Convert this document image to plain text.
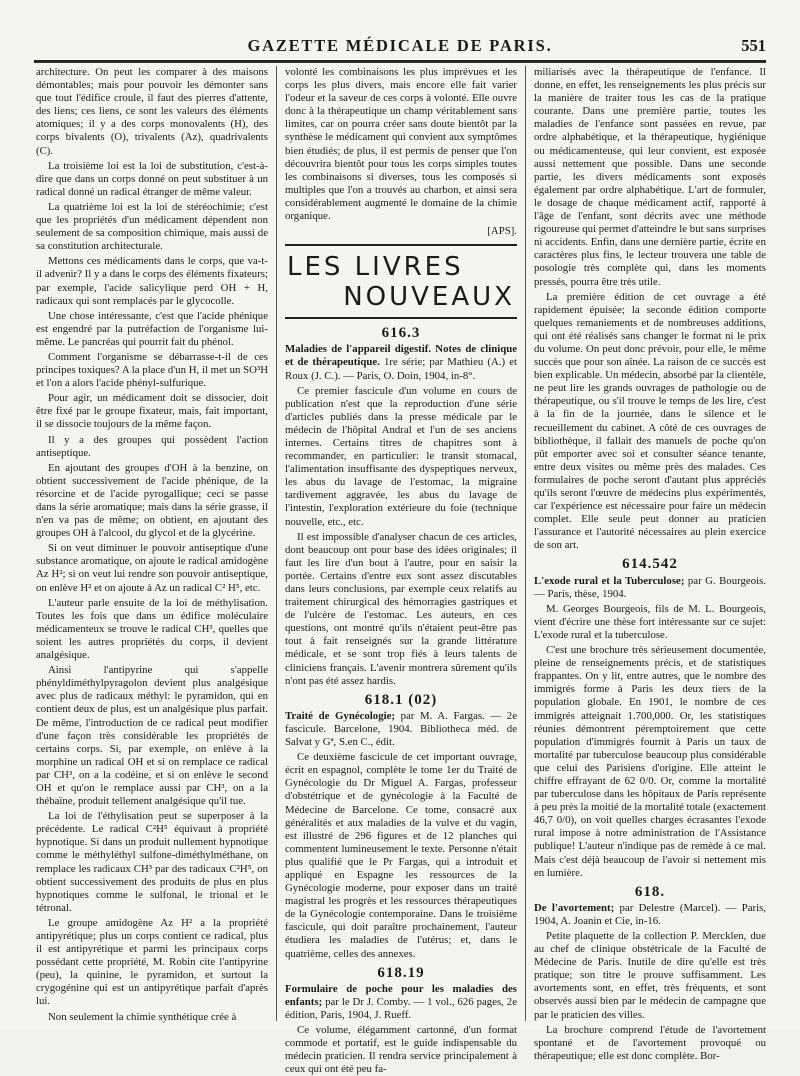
GAZETTE MÉDICALE DE PARIS.	551

architecture. On peut les comparer à des maisons démontables; mais pour pouvoir les démonter sans que tout l'édifice croule, il faut des pierres d'attente, des liens; ces liens, ce sont les valeurs des éléments atomiques; il y a des corps monovalents (H), des corps bivalents (O), trivalents (Az), quadrivalents (C).

La troisième loi est la loi de substitution, c'est-à-dire que dans un corps donné on peut substituer à un radical donné un radical étranger de même valeur.

La quatrième loi est la loi de stéréochimie; c'est que les propriétés d'un médicament dépendent non seulement de sa composition chimique, mais aussi de sa constitution architecturale.

Mettons ces médicaments dans le corps, que va-t-il advenir? Il y a dans le corps des éléments fixateurs; par exemple, l'acide salicylique perd OH + H, radicaux qui sont remplacés par le glycocolle.

Une chose intéressante, c'est que l'acide phénique est engendré par la putréfaction de l'organisme lui-même. Le pancréas qui pourrit fait du phénol.

Comment l'organisme se débarrasse-t-il de ces principes toxiques? A la place d'un H, il met un SO³H et l'on a alors l'acide phényl-sulfurique.

Pour agir, un médicament doit se dissocier, doit être fixé par le groupe fixateur, mais, fait important, il se dissocie toujours de la même façon.

Il y a des groupes qui possèdent l'action antiseptique.

En ajoutant des groupes d'OH à la benzine, on obtient successivement de l'acide phénique, de la résorcine et de l'acide pyrogallique; ceci se passe dans la série aromatique; mais dans la série grasse, il n'en va pas de même; on obtient, en ajoutant des groupes OH à l'alcool, du glycol et de la glycérine.

Si on veut diminuer le pouvoir antiseptique d'une substance aromatique, on ajoute le radical amidogène Az H²; si on veut lui rendre son pouvoir antiseptique, on enlève H² et on ajoute à Az un radical C² H⁵, etc.

L'auteur parle ensuite de la loi de méthylisation. Toutes les fois que dans un édifice moléculaire médicamenteux se trouve le radical CH³, quelles que soient les autres propriétés du corps, il devient analgésique.

Ainsi l'antipyrine qui s'appelle phényldiméthylpyragolon devient plus analgésique avec plus de radicaux méthyl: le pyramidon, qui en contient deux de plus, est un analgésique plus parfait. De même, l'introduction de ce radical peut modifier d'une façon très considérable les propriétés de certains corps. Si, par exemple, on enlève à la morphine un radical OH et si on remplace ce radical par CH³, on a la codéine, et si on enlève le second OH et qu'on le remplace aussi par CH³, on a la thébaïne, produit tellement analgésique qu'il tue.

La loi de l'éthylisation peut se superposer à la précédente. Le radical C²H⁵ équivaut à propriété hypnotique. Si dans un produit nullement hypnotique comme le méthyléthyl sulfone-diméthylméthane, on remplace les radicaux CH³ par des radicaux C²H⁵, on obtient successivement des produits de plus en plus hypnotiques comme le sulfonal, le trional et le tétronal.

Le groupe amidogène Az H² a la propriété antipyrétique; plus un corps contient ce radical, plus il est antipyrétique et parmi les principaux corps possédant cette propriété, M. Robin cite l'antipyrine (peu), la quinine, le pyramidon, et surtout la crygogénine qui est un antipyrétique parfait d'après lui.

Non seulement la chimie synthétique crée à

volonté les combinaisons les plus imprévues et les corps les plus divers, mais encore elle fait varier l'odeur et la saveur de ces corps à volonté. Elle ouvre donc à la thérapeutique un champ véritablement sans limites, car on pourra créer sans doute bientôt par la synthèse le médicament qui convient aux symptômes bien étudiés; de plus, il est permis de penser que l'on découvrira bientôt pour tous les corps simples toutes les combinaisons si diverses, tous les composés si multiples que l'on a trouvés au charbon, et ainsi sera considérablement augmenté le domaine de la chimie organique.

[APS].
LES LIVRES
NOUVEAUX
616.3

Maladies de l'appareil digestif. Notes de clinique et de thérapeutique. 1re série; par Mathieu (A.) et Roux (J. C.). — Paris, O. Doin, 1904, in-8°.

Ce premier fascicule d'un volume en cours de publication n'est que la reproduction d'une série d'articles publiés dans la presse médicale par le médecin de l'hôpital Andral et l'un de ses anciens internes. Certains titres de chapitres sont à recommander, en particulier: le transit stomacal, l'alimentation insuffisante des dyspeptiques nerveux, les abus du lavage de l'estomac, la migraine tardivement aggravée, les abus du lavage de l'intestin, l'exploration extérieure du foie (technique nouvelle, etc., etc.

Il est impossible d'analyser chacun de ces articles, dont beaucoup ont pour base des idées originales; il faut les lire d'un bout à l'autre, pour en saisir la portée. Certains d'entre eux sont assez discutables dans leurs conclusions, par exemple ceux relatifs au traitement chirurgical des hémorragies gastriques et de l'ulcère de l'estomac. Les auteurs, en ces questions, ont montré qu'ils n'étaient peut-être pas tout à fait renseignés sur la grande littérature médicale, et se sont trop fiés à leurs talents de cliniciens français. L'avenir montrera sûrement qu'ils n'ont pas été assez hardis.

618.1 (02)

Traité de Gynécologie; par M. A. Fargas. — 2e fascicule. Barcelone, 1904. Bibliotheca méd. de Salvat y Gª, S.en C., édit.

Ce deuxième fascicule de cet important ouvrage, écrit en espagnol, complète le tome 1er du Traité de Gynécologie du Dr Miguel A. Fargas, professeur d'obstétrique et de gynécologie à la Faculté de Médecine de Barcelone. Ce tome, consacré aux généralités et aux maladies de la vulve et du vagin, est illustré de 296 figures et de 12 planches qui commentent lumineusement le texte. Personne n'était plus qualifié que le Pr Fargas, qui a introduit et appliqué en Espagne les ressources de la Gynécologie moderne, pour exposer dans un traité magistral les progrès et les ressources thérapeutiques de la Gynécologie contemporaine. Dans le troisième fascicule, qui doit paraître prochainement, l'auteur étudiera les maladies de l'utérus; et, dans le quatrième, celles des annexes.

618.19

Formulaire de poche pour les maladies des enfants; par le Dr J. Comby. — 1 vol., 626 pages, 2e édition, Paris, 1904, J. Rueff.

Ce volume, élégamment cartonné, d'un format commode et portatif, est le guide indispensable du médecin praticien. Il rendra service principalement à ceux qui ont été peu fa-

miliarisés avec la thérapeutique de l'enfance. Il donne, en effet, les renseignements les plus précis sur la manière de traiter tous les cas de la pratique courante. Dans une première partie, toutes les maladies de l'enfance sont passées en revue, par ordre alphabétique, et la thérapeutique, hygiénique ou médicamenteuse, qui leur convient, est exposée aussi nettement que possible. Dans une seconde partie, les divers médicaments sont exposés également par ordre alphabétique. L'art de formuler, le dosage de chaque médicament actif, rapporté à l'âge de l'enfant, sont décrits avec une méthode rigoureuse qui permet d'atteindre le but sans surprises ni accidents. Enfin, dans une dernière partie, écrite en caractères plus fins, le lecteur trouvera une table de posologie très complète qui, dans les moments pressés, pourra être très utile.

La première édition de cet ouvrage a été rapidement épuisée; la seconde édition comporte quelques remaniements et de nombreuses additions, qui ont été réalisés sans changer le format ni le prix du volume. On peut donc prévoir, pour elle, le même succès que pour son aînée. La raison de ce succès est bien explicable. Un médecin, absorbé par la clientèle, ne peut lire les grands ouvrages de pathologie ou de thérapeutique, ou s'il trouve le temps de les lire, c'est à la fin de la journée, dans le silence et le recueillement du cabinet. A côté de ces ouvrages de bibliothèque, il fallait des manuels de poche qu'on pût emporter avec soi et consulter séance tenante, entre deux visites ou même près des malades. Ces formulaires de poche seront d'autant plus appréciés qu'ils seront l'œuvre de médecins plus expérimentés, car l'expérience est nécessaire pour faire un médecin complet. Elle seule peut donner au praticien l'assurance et l'autorité nécessaires au plein exercice de son art.

614.542

L'exode rural et la Tuberculose; par G. Bourgeois. — Paris, thèse, 1904.

M. Georges Bourgeois, fils de M. L. Bourgeois, vient d'écrire une thèse fort intéressante sur ce sujet: L'exode rural et la tuberculose.

C'est une brochure très sérieusement documentée, pleine de renseignements précis, et de statistiques frappantes. On y lit, entre autres, que le nombre des immigrés forme à Paris les deux tiers de la population globale. En 1901, le nombre de ces immigrés atteignait 1.700,000. Or, les statistiques réunies démontrent péremptoirement que cette population d'immigrés fournit à Paris un taux de mortalité par tuberculose beaucoup plus considérable que celui des Parisiens d'origine. Elle atteint le chiffre effrayant de 62 0/0. Or, comme la mortalité par tuberculose dans les hôpitaux de Paris représente à peu près la moitié de la mortalité totale (exactement 46,7 0/0), on voit quelles charges écrasantes l'exode rural impose à notre administration de l'Assistance publique! L'auteur n'indique pas de remède à ce mal. Mais c'est déjà beaucoup de l'avoir si nettement mis en lumière.

618.

De l'avortement; par Delestre (Marcel). — Paris, 1904, A. Joanin et Cie, in-16.

Petite plaquette de la collection P. Mercklen, due au chef de clinique obstétricale de la Faculté de Médecine de Paris. Inutile de dire qu'elle est très pratique; son titre le prouve suffisamment. Les avortements sont, en effet, très fréquents, et sont observés aussi bien par le médecin de campagne que par le praticien des villes.

La brochure comprend l'étude de l'avortement spontané et de l'avortement provoqué ou thérapeutique; elle est donc complète. Bor-
